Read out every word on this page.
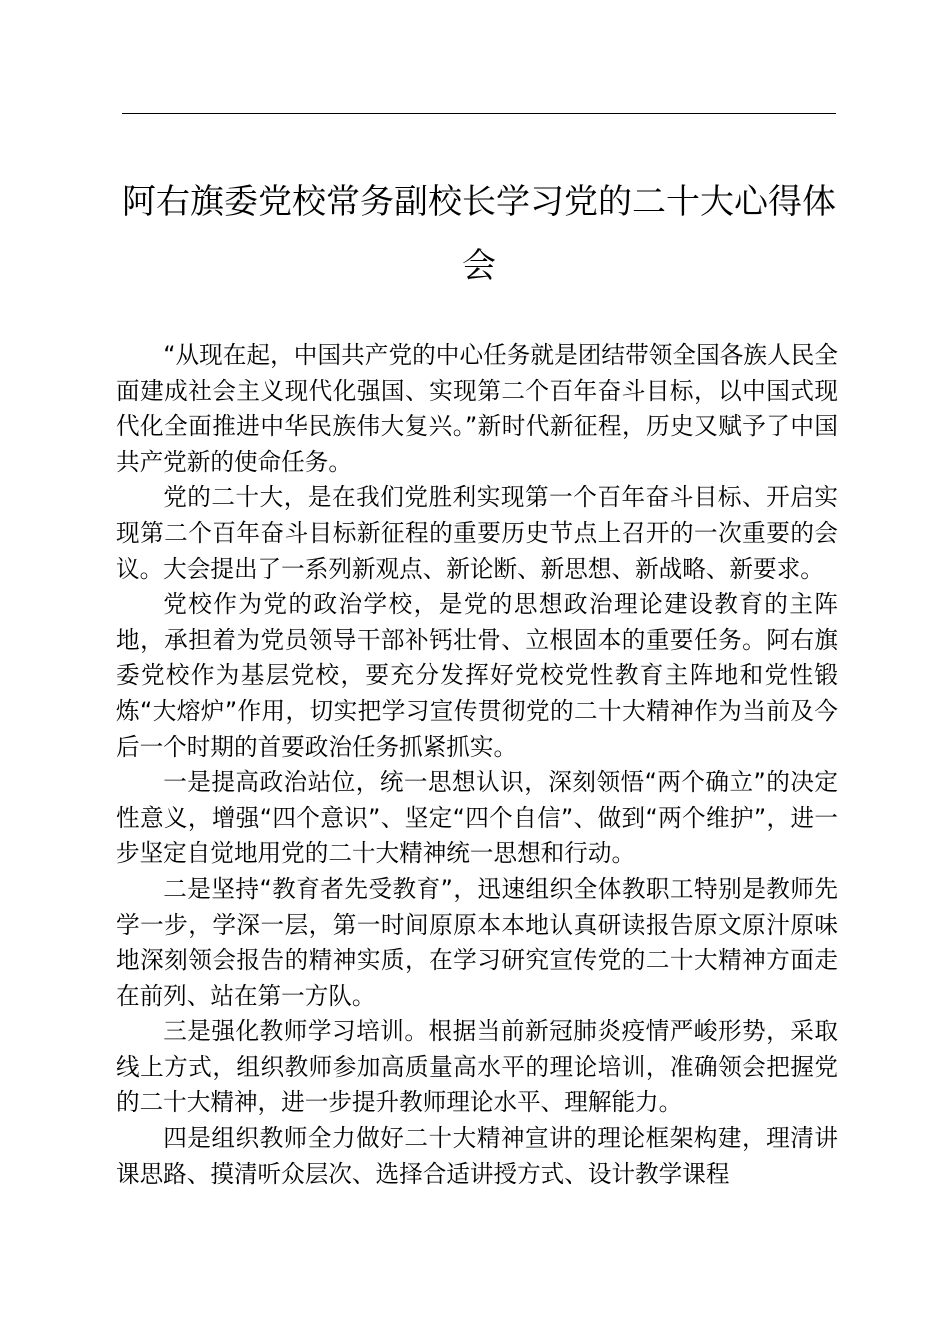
阿右旗委党校常务副校长学习党的二十大心得体会

“从现在起，中国共产党的中心任务就是团结带领全国各族人民全面建成社会主义现代化强国、实现第二个百年奋斗目标，以中国式现代化全面推进中华民族伟大复兴。”新时代新征程，历史又赋予了中国共产党新的使命任务。

党的二十大，是在我们党胜利实现第一个百年奋斗目标、开启实现第二个百年奋斗目标新征程的重要历史节点上召开的一次重要的会议。大会提出了一系列新观点、新论断、新思想、新战略、新要求。

党校作为党的政治学校，是党的思想政治理论建设教育的主阵地，承担着为党员领导干部补钙壮骨、立根固本的重要任务。阿右旗委党校作为基层党校，要充分发挥好党校党性教育主阵地和党性锻炼“大熔炉”作用，切实把学习宣传贯彻党的二十大精神作为当前及今后一个时期的首要政治任务抓紧抓实。

一是提高政治站位，统一思想认识，深刻领悟“两个确立”的决定性意义，增强“四个意识”、坚定“四个自信”、做到“两个维护”，进一步坚定自觉地用党的二十大精神统一思想和行动。

二是坚持“教育者先受教育”，迅速组织全体教职工特别是教师先学一步，学深一层，第一时间原原本本地认真研读报告原文原汁原味地深刻领会报告的精神实质，在学习研究宣传党的二十大精神方面走在前列、站在第一方队。

三是强化教师学习培训。根据当前新冠肺炎疫情严峻形势，采取线上方式，组织教师参加高质量高水平的理论培训，准确领会把握党的二十大精神，进一步提升教师理论水平、理解能力。

四是组织教师全力做好二十大精神宣讲的理论框架构建，理清讲课思路、摸清听众层次、选择合适讲授方式、设计教学课程
